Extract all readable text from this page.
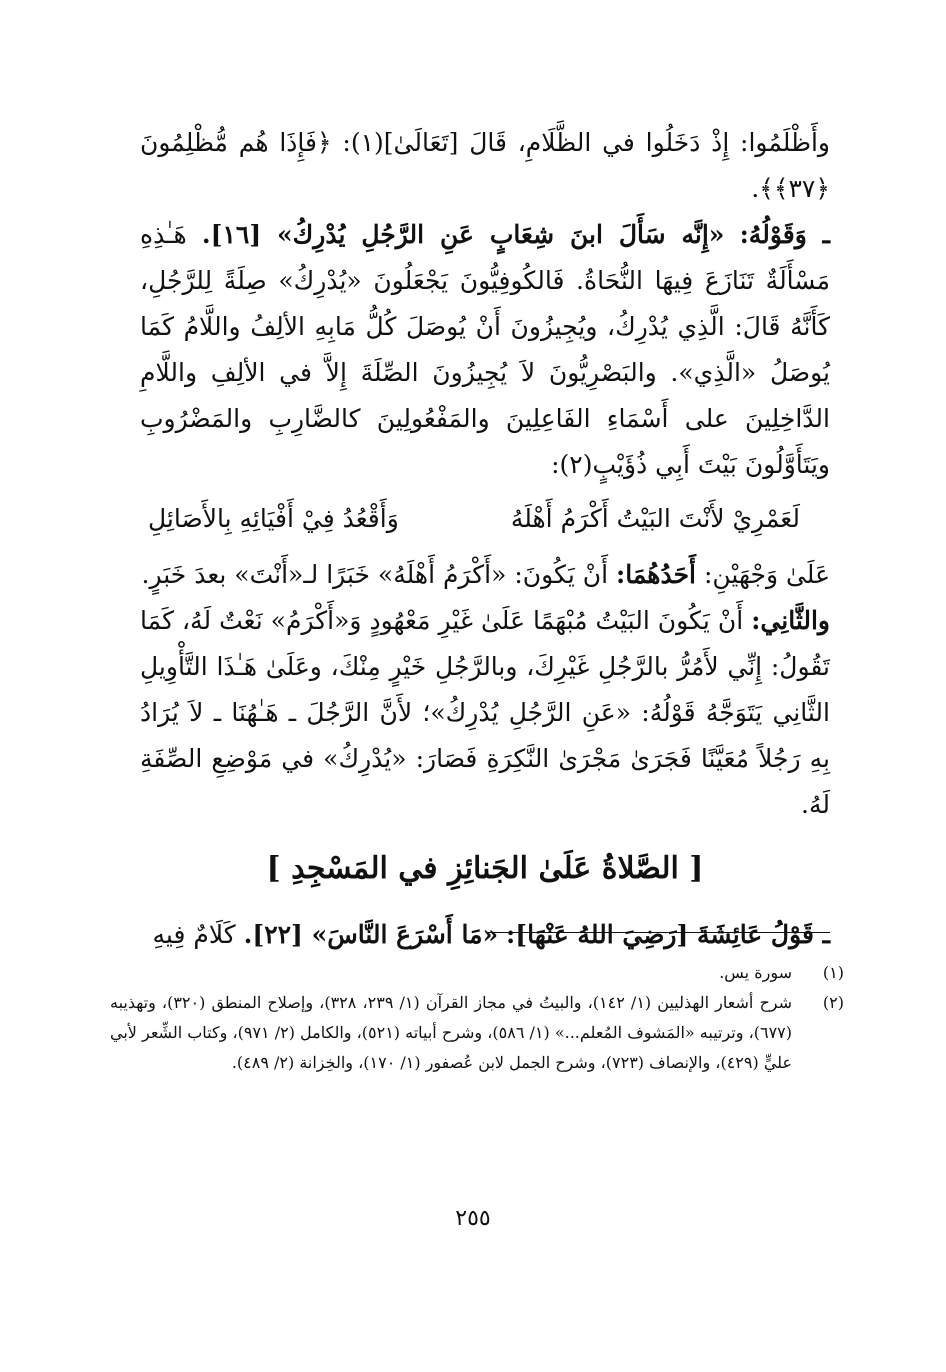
وأَظْلَمُوا: إِذْ دَخَلُوا في الظَّلَامِ، قَالَ [تَعَالَىٰ](١): ﴿فَإِذَا هُم مُّظْلِمُونَ ﴿٣٧﴾﴾.

ـ وَقَوْلُهُ: «إِنَّه سَأَلَ ابنَ شِعَابٍ عَنِ الرَّجُلِ يُدْرِكُ» [١٦]. هَـٰذِهِ مَسْأَلَةٌ تَنَازَعَ فِيهَا النُّحَاةُ. فَالكُوفِيُّونَ يَجْعَلُونَ «يُدْرِكُ» صِلَةً لِلرَّجُلِ، كَأَنَّهُ قَالَ: الَّذِي يُدْرِكُ، ويُجِيزُونَ أَنْ يُوصَلَ كُلُّ مَابِهِ الألِفُ واللَّامُ كَمَا يُوصَلُ «الَّذِي». والبَصْرِيُّونَ لاَ يُجِيزُونَ الصِّلَةَ إِلاَّ في الألِفِ واللَّامِ الدَّاخِلِينَ على أَسْمَاءِ الفَاعِلِينَ والمَفْعُولِينَ كالضَّارِبِ والمَضْرُوبِ ويَتَأَوَّلُونَ بَيْتَ أَبِي ذُؤَيْبٍ(٢):

لَعَمْرِيْ لأَنْتَ البَيْتُ أَكْرَمُ أَهْلَهُ
وَأَقْعُدُ فِيْ أَفْيَائِهِ بِالأَصَائِلِ

عَلَىٰ وَجْهَيْنِ: أَحَدُهُمَا: أَنْ يَكُونَ: «أَكْرَمُ أَهْلَهُ» خَبَرًا لـ«أَنْتَ» بعدَ خَبَرٍ.

والثَّانِي: أَنْ يَكُونَ البَيْتُ مُبْهَمًا عَلَىٰ غَيْرِ مَعْهُودٍ وَ«أَكْرَمُ» نَعْتٌ لَهُ، كَمَا تَقُولُ: إِنِّي لأَمُرُّ بالرَّجُلِ غَيْرِكَ، وبالرَّجُلِ خَيْرٍ مِنْكَ، وعَلَىٰ هَـٰذَا التَّأْوِيلِ الثَّانِي يَتَوَجَّهُ قَوْلُهُ: «عَنِ الرَّجُلِ يُدْرِكُ»؛ لأَنَّ الرَّجُلَ ـ هَـٰهُنَا ـ لاَ يُرَادُ بِهِ رَجُلاً مُعَيَّنًا فَجَرَىٰ مَجْرَىٰ النَّكِرَةِ فَصَارَ: «يُدْرِكُ» في مَوْضِعِ الصِّفَةِ لَهُ.

[ الصَّلاةُ عَلَىٰ الجَنائِزِ في المَسْجِدِ ]

ـ قَوْلُ عَائِشَةَ [رَضِيَ اللهُ عَنْهَا]: «مَا أَسْرَعَ النَّاسَ» [٢٢]. كَلَامٌ فِيهِ

(١)
سورة يس.
(٢)
شرح أشعار الهذليين (١/ ١٤٢)، والبيتُ في مجاز القرآن (١/ ٢٣٩، ٣٢٨)، وإصلاح المنطق (٣٢٠)، وتهذيبه (٦٧٧)، وترتيبه «المَشوف المُعلم...» (١/ ٥٨٦)، وشرح أبياته (٥٢١)، والكامل (٢/ ٩٧١)، وكتاب الشِّعر لأبي عليٍّ (٤٢٩)، والإنصاف (٧٢٣)، وشرح الجمل لابن عُصفور (١/ ١٧٠)، والخِزانة (٢/ ٤٨٩).
٢٥٥
